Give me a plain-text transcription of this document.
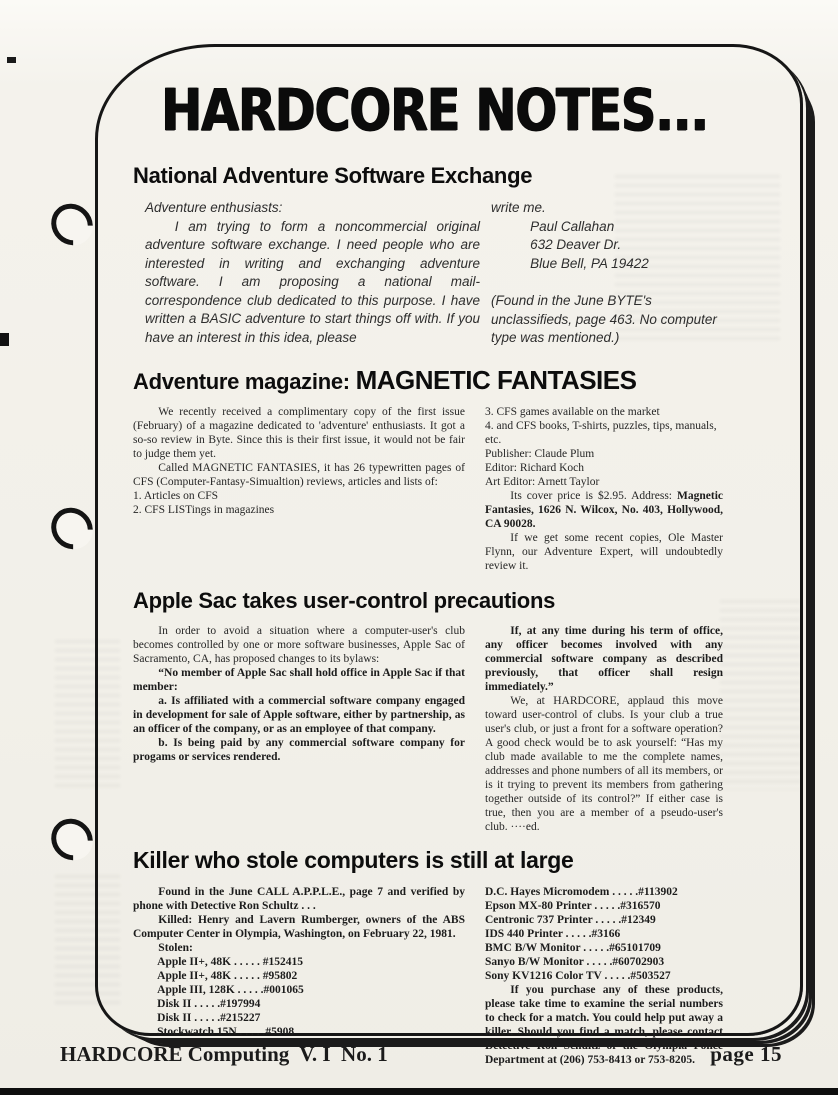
HARDCORE NOTES...
National Adventure Software Exchange

Adventure enthusiasts:

I am trying to form a noncommercial original adventure software exchange. I need people who are interested in writing and exchanging adventure software. I am proposing a national mail-correspondence club dedicated to this purpose. I have written a BASIC adventure to start things off with. If you have an interest in this idea, please

write me.

Paul Callahan

632 Deaver Dr.

Blue Bell, PA 19422

(Found in the June BYTE's unclassifieds, page 463. No computer type was mentioned.)

Adventure magazine: MAGNETIC FANTASIES

We recently received a complimentary copy of the first issue (February) of a magazine dedicated to 'adventure' enthusiasts. It got a so-so review in Byte. Since this is their first issue, it would not be fair to judge them yet.

Called MAGNETIC FANTASIES, it has 26 typewritten pages of CFS (Computer-Fantasy-Simualtion) reviews, articles and lists of:

1. Articles on CFS

2. CFS LISTings in magazines

3. CFS games available on the market

4. and CFS books, T-shirts, puzzles, tips, manuals, etc.

Publisher: Claude Plum

Editor: Richard Koch

Art Editor: Arnett Taylor

Its cover price is $2.95. Address: Magnetic Fantasies, 1626 N. Wilcox, No. 403, Hollywood, CA 90028.

If we get some recent copies, Ole Master Flynn, our Adventure Expert, will undoubtedly review it.

Apple Sac takes user-control precautions

In order to avoid a situation where a computer-user's club becomes controlled by one or more software businesses, Apple Sac of Sacramento, CA, has proposed changes to its bylaws:

“No member of Apple Sac shall hold office in Apple Sac if that member:

a. Is affiliated with a commercial software company engaged in development for sale of Apple software, either by partnership, as an officer of the company, or as an employee of that company.

b. Is being paid by any commercial software company for progams or services rendered.

If, at any time during his term of office, any officer becomes involved with any commercial software company as described previously, that officer shall resign immediately.”

We, at HARDCORE, applaud this move toward user-control of clubs. Is your club a true user's club, or just a front for a software operation? A good check would be to ask yourself: “Has my club made available to me the complete names, addresses and phone numbers of all its members, or is it trying to prevent its members from gathering together outside of its control?” If either case is true, then you are a member of a pseudo-user's club. ····ed.

Killer who stole computers is still at large

Found in the June CALL A.P.P.L.E., page 7 and verified by phone with Detective Ron Schultz . . .

Killed: Henry and Lavern Rumberger, owners of the ABS Computer Center in Olympia, Washington, on February 22, 1981.

Stolen:

Apple II+, 48K . . . . . #152415

Apple II+, 48K . . . . . #95802

Apple III, 128K . . . . .#001065

Disk II . . . . .#197994

Disk II . . . . .#215227

Stockwatch 15N . . . . .#5908

D.C. Hayes Micromodem . . . . .#113902

Epson MX-80 Printer . . . . .#316570

Centronic 737 Printer . . . . .#12349

IDS 440 Printer . . . . .#3166

BMC B/W Monitor . . . . .#65101709

Sanyo B/W Monitor . . . . .#60702903

Sony KV1216 Color TV . . . . .#503527

If you purchase any of these products, please take time to examine the serial numbers to check for a match. You could help put away a killer. Should you find a match, please contact Detective Ron Schultz of the Olympia Police Department at (206) 753-8413 or 753-8205.

HARDCORE Computing  V. I  No. 1	page 15
